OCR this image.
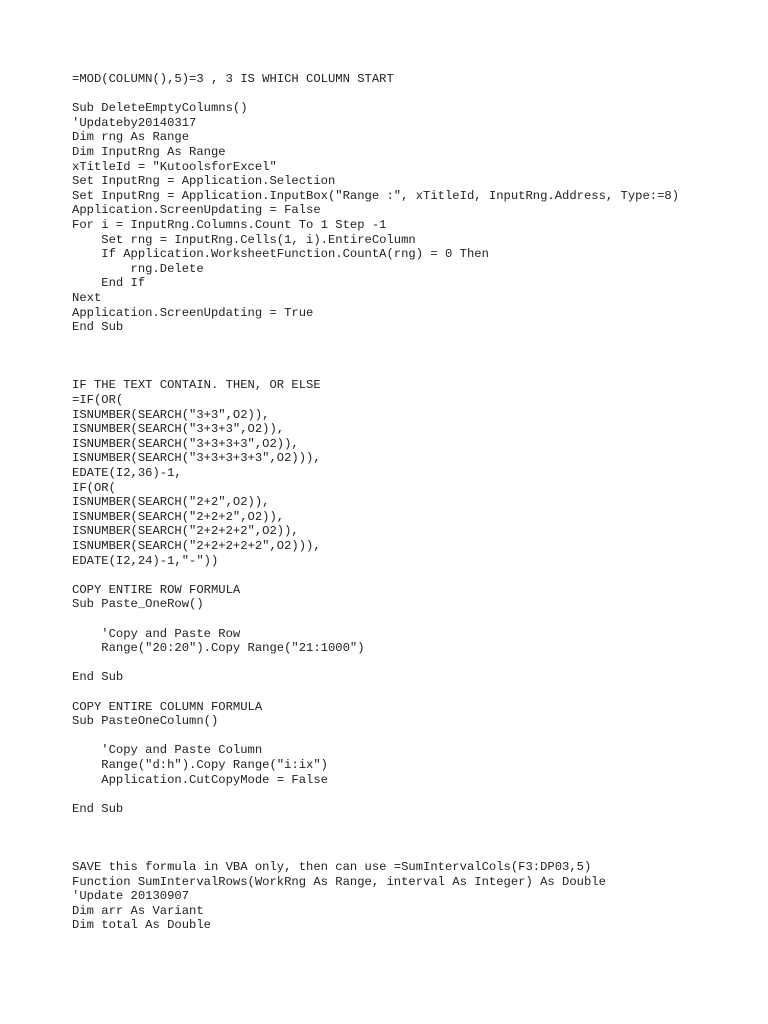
=MOD(COLUMN(),5)=3 , 3 IS WHICH COLUMN START
Sub DeleteEmptyColumns()
'Updateby20140317
Dim rng As Range
Dim InputRng As Range
xTitleId = "KutoolsforExcel"
Set InputRng = Application.Selection
Set InputRng = Application.InputBox("Range :", xTitleId, InputRng.Address, Type:=8)
Application.ScreenUpdating = False
For i = InputRng.Columns.Count To 1 Step -1
Set rng = InputRng.Cells(1, i).EntireColumn
If Application.WorksheetFunction.CountA(rng) = 0 Then
rng.Delete
End If
Next
Application.ScreenUpdating = True
End Sub
IF THE TEXT CONTAIN. THEN, OR ELSE
=IF(OR(
ISNUMBER(SEARCH("3+3",O2)),
ISNUMBER(SEARCH("3+3+3",O2)),
ISNUMBER(SEARCH("3+3+3+3",O2)),
ISNUMBER(SEARCH("3+3+3+3+3",O2))),
EDATE(I2,36)-1,
IF(OR(
ISNUMBER(SEARCH("2+2",O2)),
ISNUMBER(SEARCH("2+2+2",O2)),
ISNUMBER(SEARCH("2+2+2+2",O2)),
ISNUMBER(SEARCH("2+2+2+2+2",O2))),
EDATE(I2,24)-1,"-"))
COPY ENTIRE ROW FORMULA
Sub Paste_OneRow()
'Copy and Paste Row
Range("20:20").Copy Range("21:1000")
End Sub
COPY ENTIRE COLUMN FORMULA
Sub PasteOneColumn()
'Copy and Paste Column
Range("d:h").Copy Range("i:ix")
Application.CutCopyMode = False
End Sub
SAVE this formula in VBA only, then can use =SumIntervalCols(F3:DP03,5)
Function SumIntervalRows(WorkRng As Range, interval As Integer) As Double
'Update 20130907
Dim arr As Variant
Dim total As Double
